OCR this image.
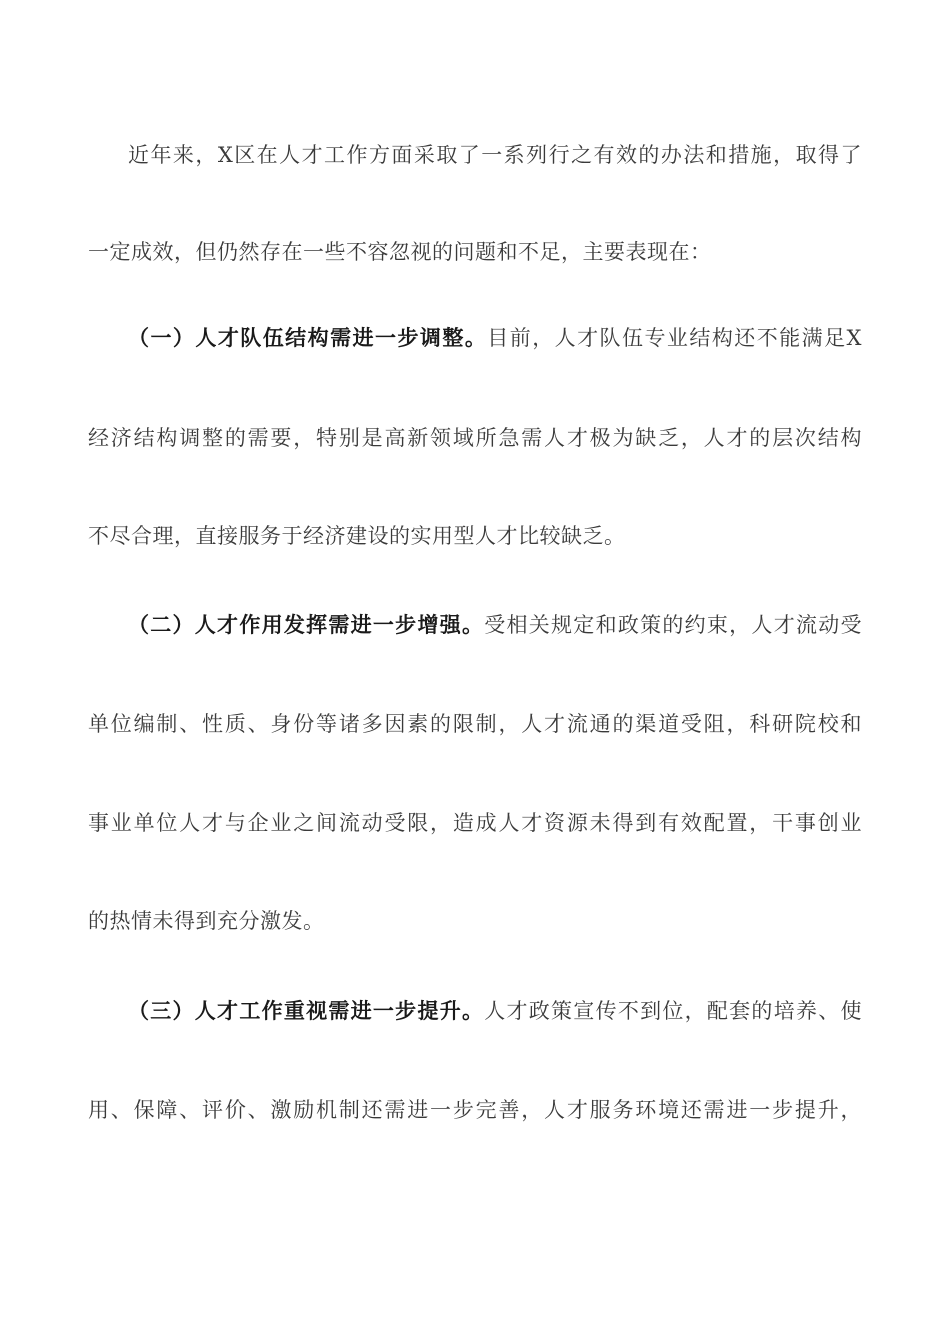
近年来，X区在人才工作方面采取了一系列行之有效的办法和措施，取得了
一定成效，但仍然存在一些不容忽视的问题和不足，主要表现在：
（一）人才队伍结构需进一步调整。目前，人才队伍专业结构还不能满足X
经济结构调整的需要，特别是高新领域所急需人才极为缺乏，人才的层次结构
不尽合理，直接服务于经济建设的实用型人才比较缺乏。
（二）人才作用发挥需进一步增强。受相关规定和政策的约束，人才流动受
单位编制、性质、身份等诸多因素的限制，人才流通的渠道受阻，科研院校和
事业单位人才与企业之间流动受限，造成人才资源未得到有效配置，干事创业
的热情未得到充分激发。
（三）人才工作重视需进一步提升。人才政策宣传不到位，配套的培养、使
用、保障、评价、激励机制还需进一步完善，人才服务环境还需进一步提升，
